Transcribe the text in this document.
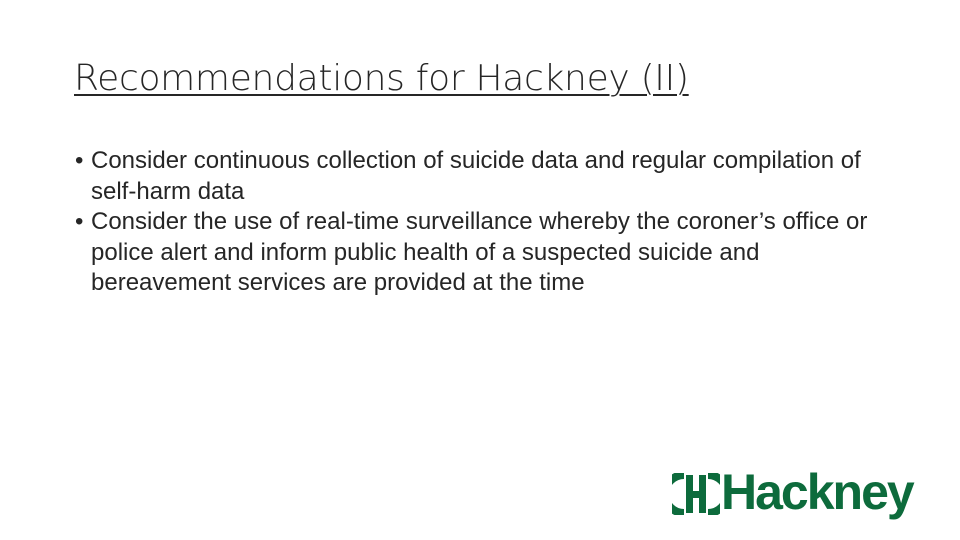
Recommendations for Hackney (II)
• Consider continuous collection of suicide data and regular compilation of self-harm data
• Consider the use of real-time surveillance whereby the coroner’s office or police alert and inform public health of a suspected suicide and bereavement services are provided at the time
Hackney
